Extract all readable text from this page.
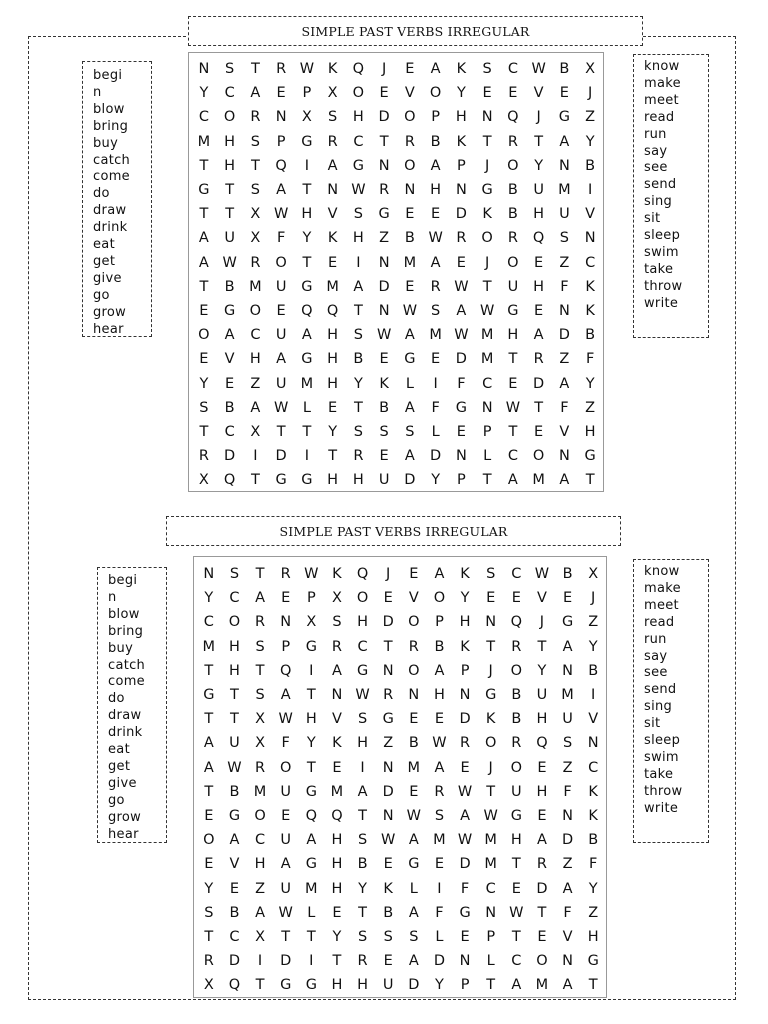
SIMPLE PAST VERBS IRREGULAR
begi
n
blow
bring
buy
catch
come
do
draw
drink
eat
get
give
go
grow
hear
N	S	T	R W K	Q	J	E	A	K	S	C W B	X
Y	C	A	E	P	X	O	E	V	O	Y	E	E	V	E	J
C	O	R	N	X	S	H	D O	P	H	N	Q	J	G	Z
M H	S	P	G	R	C	T	R	B	K	T	R	T	A	Y
T	H	T	Q	I	A	G	N	O	A	P	J	O	Y	N	B
G	T	S	A	T	N W R	N	H	N	G	B	U M	I
T	T	X W H	V	S	G	E	E	D	K	B	H	U	V
A	U	X	F	Y	K	H	Z	B W R	O	R	Q	S	N
A W R	O	T	E	I	N M	A	E	J	O	E	Z	C
T	B	M U	G M	A	D	E	R W T	U	H	F	K
E	G O	E	Q Q	T	N W S	A W G	E	N	K
O	A	C	U	A	H	S W A	M W M H	A	D	B
E	V	H	A	G	H	B	E	G	E	D M	T	R	Z	F
Y	E	Z	U M H	Y	K	L	I	F	C	E	D	A	Y
S	B	A W	L	E	T	B	A	F	G	N W T	F	Z
T	C	X	T	T	Y	S	S	S	L	E	P	T	E	V	H
R	D	I	D	I	T	R	E	A	D	N	L	C	O	N	G
X	Q	T	G	G	H	H	U	D	Y	P	T	A	M	A	T
know
make
meet
read
run
say
see
send
sing
sit
sleep
swim
take
throw
write
SIMPLE PAST VERBS IRREGULAR
begi
n
blow
bring
buy
catch
come
do
draw
drink
eat
get
give
go
grow
hear
N	S	T	R W K	Q	J	E	A	K	S	C W B	X
Y	C	A	E	P	X	O	E	V	O	Y	E	E	V	E	J
C	O	R	N	X	S	H	D O	P	H	N Q	J	G	Z
M H	S	P	G	R	C	T	R	B	K	T	R	T	A	Y
T	H	T	Q	I	A	G	N O	A	P	J	O	Y	N	B
G	T	S	A	T	N W R	N	H	N	G	B	U M	I
T	T	X W H	V	S	G	E	E	D	K	B	H	U	V
A	U	X	F	Y	K	H	Z	B W R	O	R	Q	S	N
A W R	O	T	E	I	N M A	E	J	O	E	Z	C
T	B M U	G M A	D	E	R W T	U	H	F	K
E	G O	E	Q Q	T	N W S	A W G	E	N	K
O	A	C	U	A	H	S W A M W M H	A	D	B
E	V	H	A	G	H	B	E	G	E	D M	T	R	Z	F
Y	E	Z	U M H	Y	K	L	I	F	C	E	D	A	Y
S	B	A W L	E	T	B	A	F	G	N W T	F	Z
T	C	X	T	T	Y	S	S	S	L	E	P	T	E	V	H
R	D	I	D	I	T	R	E	A	D	N	L	C	O N	G
X	Q	T	G G	H	H	U	D	Y	P	T	A M A	T
know
make
meet
read
run
say
see
send
sing
sit
sleep
swim
take
throw
write
